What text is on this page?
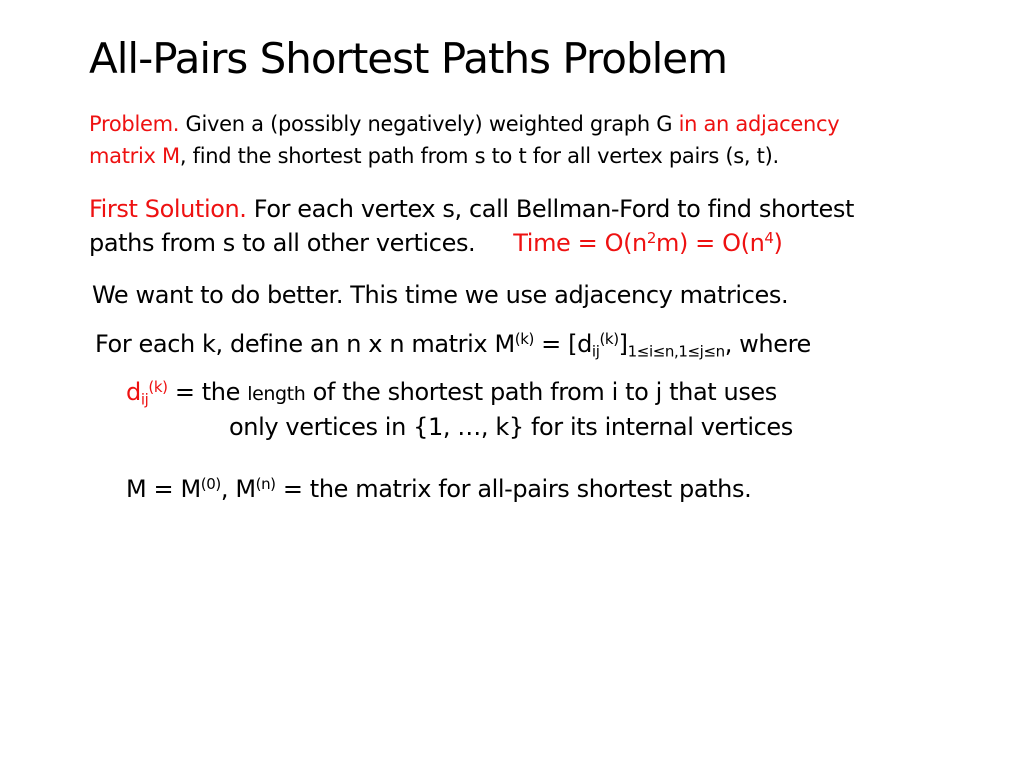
All-Pairs Shortest Paths Problem
Problem. Given a (possibly negatively) weighted graph G in an adjacency
matrix M, find the shortest path from s to t for all vertex pairs (s, t).
First Solution. For each vertex s, call Bellman-Ford to find shortest
paths from s to all other vertices. Time = $O(n^2m) = O(n^4)$
We want to do better. This time we use adjacency matrices.
For each k, define an n x n matrix $M^{(k)} = [d_{ij}^{(k)}]_{1\le i\le n,1\le j\le n}$, where
$d_{ij}^{(k)}$ = the length of the shortest path from i to j that uses
only vertices in {1, …, k} for its internal vertices
$M = M^{(0)}$, $M^{(n)}$ = the matrix for all-pairs shortest paths.
